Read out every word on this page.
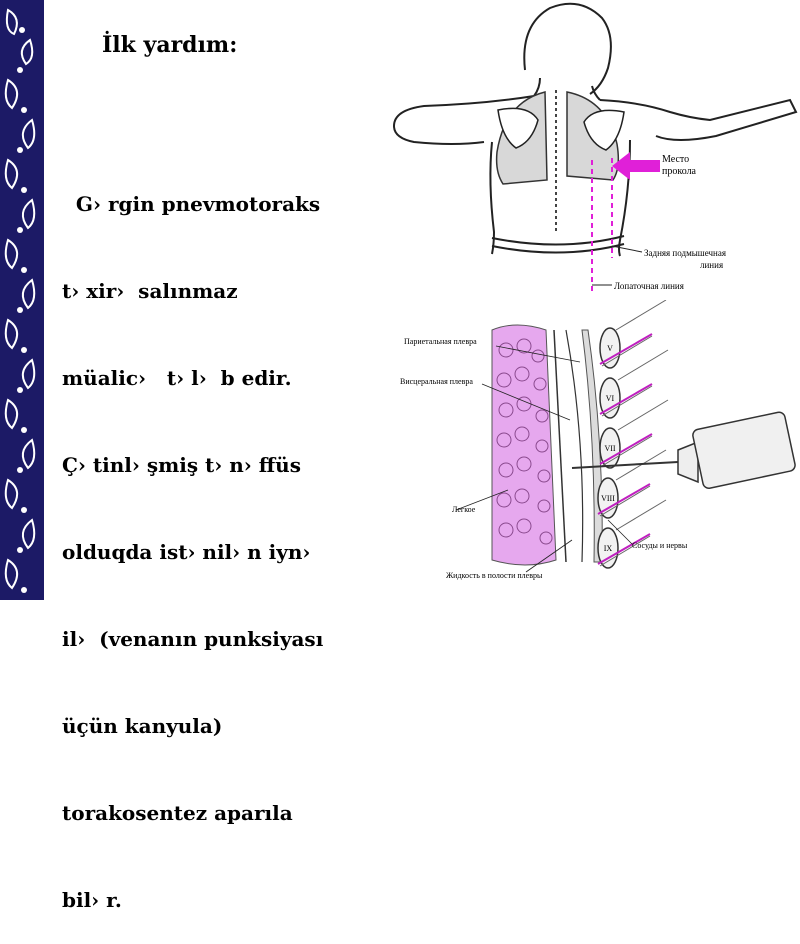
İlk yardım:

G› rgin pnevmotoraks

t› xir›  salınmaz

müalic›   t› l›  b edir.

Ç› tinl› şmiş t› n› ffüs

olduqda ist› nil› n iyn›

il›  (venanın punksiyası

üçün kanyula)

torakosentez aparıla

bil› r.

Место
прокола
Задняя подмышечная
линия
Лопаточная линия
V
VI
VII
VIII
IX
Париетальная плевра
Висцеральная плевра
Легкое
Сосуды и нервы
Жидкость в полости плевры
